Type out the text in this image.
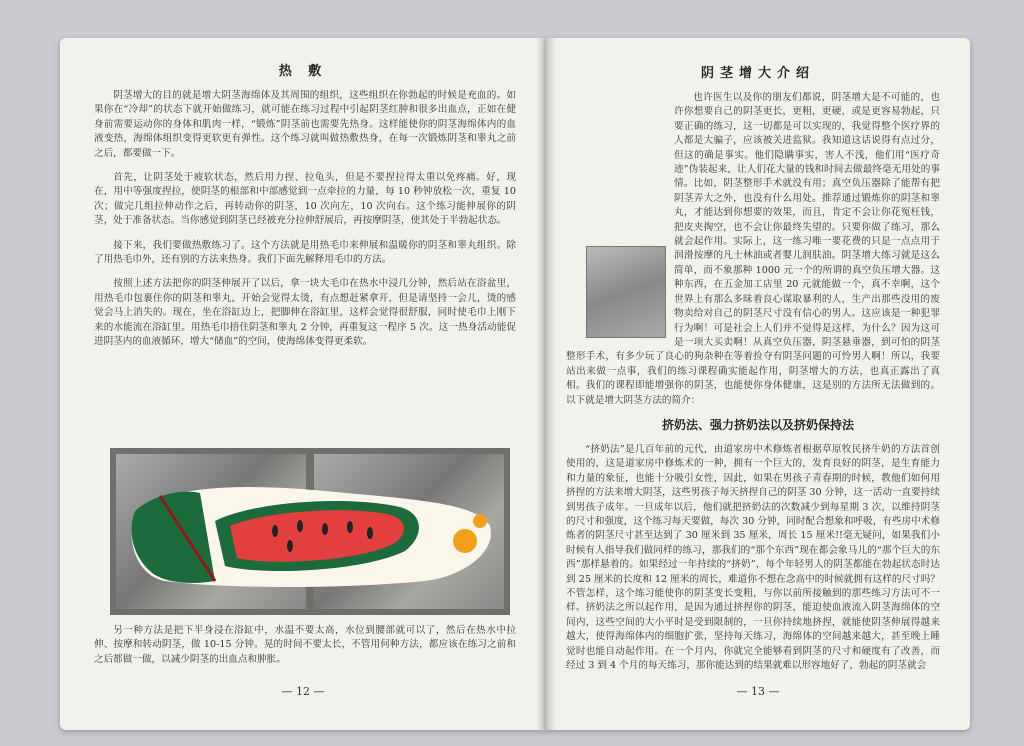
热 敷

阴茎增大的目的就是增大阴茎海绵体及其周围的组织，这些组织在你勃起的时候是充血的。如果你在“冷却”的状态下就开始做练习，就可能在练习过程中引起阴茎红肿和很多出血点，正如在健身前需要运动你的身体和肌肉一样，“锻炼”阴茎前也需要先热身。这样能使你的阴茎海绵体内的血液变热，海绵体组织变得更软更有弹性。这个练习就叫做热敷热身，在每一次锻炼阴茎和睾丸之前之后，都要做一下。

首先，让阴茎处于疲软状态，然后用力捏、拉龟头，但是不要捏拉得太重以免疼痛。好，现在，用中等强度捏拉，使阴茎的根部和中部感觉到一点牵拉的力量，每 10 秒钟放松一次，重复 10 次；做完几组拉伸动作之后，再转动你的阴茎，10 次向左，10 次向右。这个练习能伸展你的阴茎，处于准备状态。当你感觉到阴茎已经被充分拉伸舒展后，再按摩阴茎，使其处于半勃起状态。

接下来，我们要做热敷练习了。这个方法就是用热毛巾来伸展和温暖你的阴茎和睾丸组织。除了用热毛巾外，还有别的方法来热身。我们下面先解释用毛巾的方法。

按照上述方法把你的阴茎伸展开了以后，拿一块大毛巾在热水中浸几分钟，然后站在浴盆里，用热毛巾包裹住你的阴茎和睾丸，开始会觉得太烫，有点想赶紧拿开，但是请坚持一会儿，烫的感觉会马上消失的。现在，坐在浴缸边上，把脚伸在浴缸里，这样会觉得很舒服，同时使毛巾上刚下来的水能流在浴缸里。用热毛巾捂住阴茎和睾丸 2 分钟，再重复这一程序 5 次。这一热身活动能促进阴茎内的血液循环，增大“储血”的空间，使海绵体变得更柔软。

另一种方法是把下半身浸在浴缸中，水温不要太高，水位到腰部就可以了，然后在热水中拉伸、按摩和转动阴茎，做 10-15 分钟。晃的时间不要太长，不管用何种方法，都应该在练习之前和之后都做一做，以减少阴茎的出血点和肿胀。

— 12 —
阴茎增大介绍

也许医生以及你的朋友们都说，阴茎增大是不可能的，也许你想要自己的阴茎更长，更粗，更硬，或是更容易勃起，只要正确的练习，这一切都是可以实现的，我觉得整个医疗界的人都是大骗子，应该被关进监狱。我知道这话说得有点过分，但这的确是事实。他们隐瞒事实，害人不浅，他们用“医疗奇迹”伪装起来，让人们花大量的钱和时间去做最终毫无用处的事情。比如，阴茎整形手术就没有用；真空负压器除了能帮有把阴茎弄大之外，也没有什么用处。推荐通过锻炼你的阴茎和睾丸，才能达到你想要的效果，而且，肯定不会让你花冤枉钱，把皮夹掏空，也不会让你最终失望的。只要你做了练习，那么就会起作用。实际上，这一练习唯一要花费的只是一点点用于润滑按摩的凡士林油或者婴儿润肤油。阴茎增大练习就是这么简单，而不象那种 1000 元一个的所谓的真空负压增大器。这种东西，在五金加工店里 20 元就能做一个，真不幸啊，这个世界上有那么多昧着良心谋取暴利的人，生产出那些没用的废物卖给对自己的阴茎尺寸没有信心的男人。这应该是一种犯罪行为啊！可是社会上人们并不觉得是这样，为什么？因为这可是一项大买卖啊！从真空负压器，阴茎悬垂器，到可怕的阴茎整形手术，有多少玩了良心的狗杂种在等着捡夺有阴茎问题的可怜男人啊！所以，我要站出来做一点事，我们的练习课程确实能起作用，阴茎增大的方法，也真正露出了真相。我们的课程即能增强你的阴茎，也能使你身体健康，这是别的方法所无法做到的。以下就是增大阴茎方法的简介：

挤奶法、强力挤奶法以及挤奶保持法

“挤奶法”是几百年前的元代，由道家房中术修炼者根据草原牧民挤牛奶的方法首创使用的，这是道家房中修炼术的一种，拥有一个巨大的，发育良好的阴茎，是生育能力和力量的象征，也能十分吸引女性，因此，如果在男孩子青春期的时候，教他们如何用挤捏的方法来增大阴茎，这些男孩子每天挤捏自己的阴茎 30 分钟，这一活动一直要持续到男孩子成年。一旦成年以后，他们就把挤奶法的次数减少到每星期 3 次，以维持阴茎的尺寸和强度，这个练习每天要做，每次 30 分钟，同时配合想象和呼吸，有些房中术修炼者的阴茎尺寸甚至达到了 30 厘米到 35 厘米，周长 15 厘米!!毫无疑问，如果我们小时候有人指导我们做同样的练习，那我们的“那个东西”现在都会象马儿的“那个巨大的东西”那样悬着的。如果经过一年持续的“挤奶”，每个年轻男人的阴茎都能在勃起状态时达到 25 厘米的长度和 12 厘米的周长，难道你不想在念高中的时候就拥有这样的尺寸吗？不管怎样，这个练习能使你的阴茎变长变粗，与你以前所接触到的那些练习方法可不一样。挤奶法之所以起作用，是因为通过挤捏你的阴茎，能迫使血液流入阴茎海绵体的空间内，这些空间的大小平时是受到限制的，一旦你持续地挤捏，就能使阴茎伸展得越来越大，使得海绵体内的细胞扩张，坚持每天练习，海绵体的空间越来越大，甚至晚上睡觉时也能自动起作用。在一个月内，你就完全能够看到阴茎的尺寸和硬度有了改善，而经过 3 到 4 个月的每天练习，那你能达到的结果就难以形容地好了，勃起的阴茎就会

— 13 —
